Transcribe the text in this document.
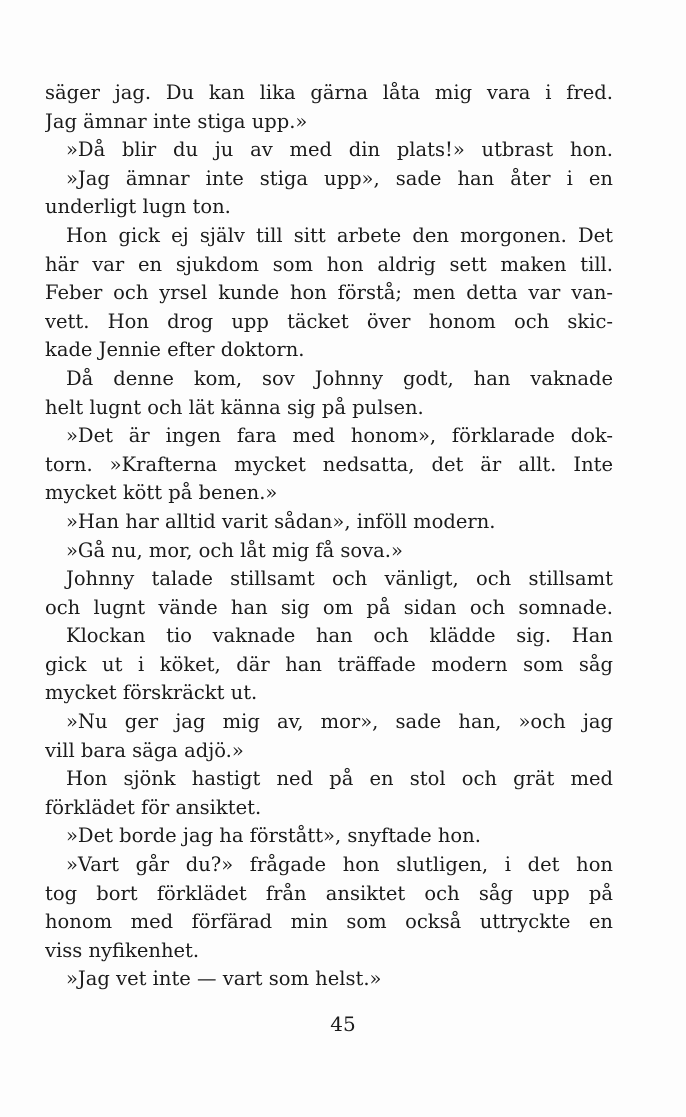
säger jag. Du kan lika gärna låta mig vara i fred.
Jag ämnar inte stiga upp.»
»Då blir du ju av med din plats!» utbrast hon.
»Jag ämnar inte stiga upp», sade han åter i en
underligt lugn ton.
Hon gick ej själv till sitt arbete den morgonen. Det
här var en sjukdom som hon aldrig sett maken till.
Feber och yrsel kunde hon förstå; men detta var van-
vett. Hon drog upp täcket över honom och skic-
kade Jennie efter doktorn.
Då denne kom, sov Johnny godt, han vaknade
helt lugnt och lät känna sig på pulsen.
»Det är ingen fara med honom», förklarade dok-
torn. »Krafterna mycket nedsatta, det är allt. Inte
mycket kött på benen.»
»Han har alltid varit sådan», inföll modern.
»Gå nu, mor, och låt mig få sova.»
Johnny talade stillsamt och vänligt, och stillsamt
och lugnt vände han sig om på sidan och somnade.
Klockan tio vaknade han och klädde sig. Han
gick ut i köket, där han träffade modern som såg
mycket förskräckt ut.
»Nu ger jag mig av, mor», sade han, »och jag
vill bara säga adjö.»
Hon sjönk hastigt ned på en stol och grät med
förklädet för ansiktet.
»Det borde jag ha förstått», snyftade hon.
»Vart går du?» frågade hon slutligen, i det hon
tog bort förklädet från ansiktet och såg upp på
honom med förfärad min som också uttryckte en
viss nyfikenhet.
»Jag vet inte — vart som helst.»
45
